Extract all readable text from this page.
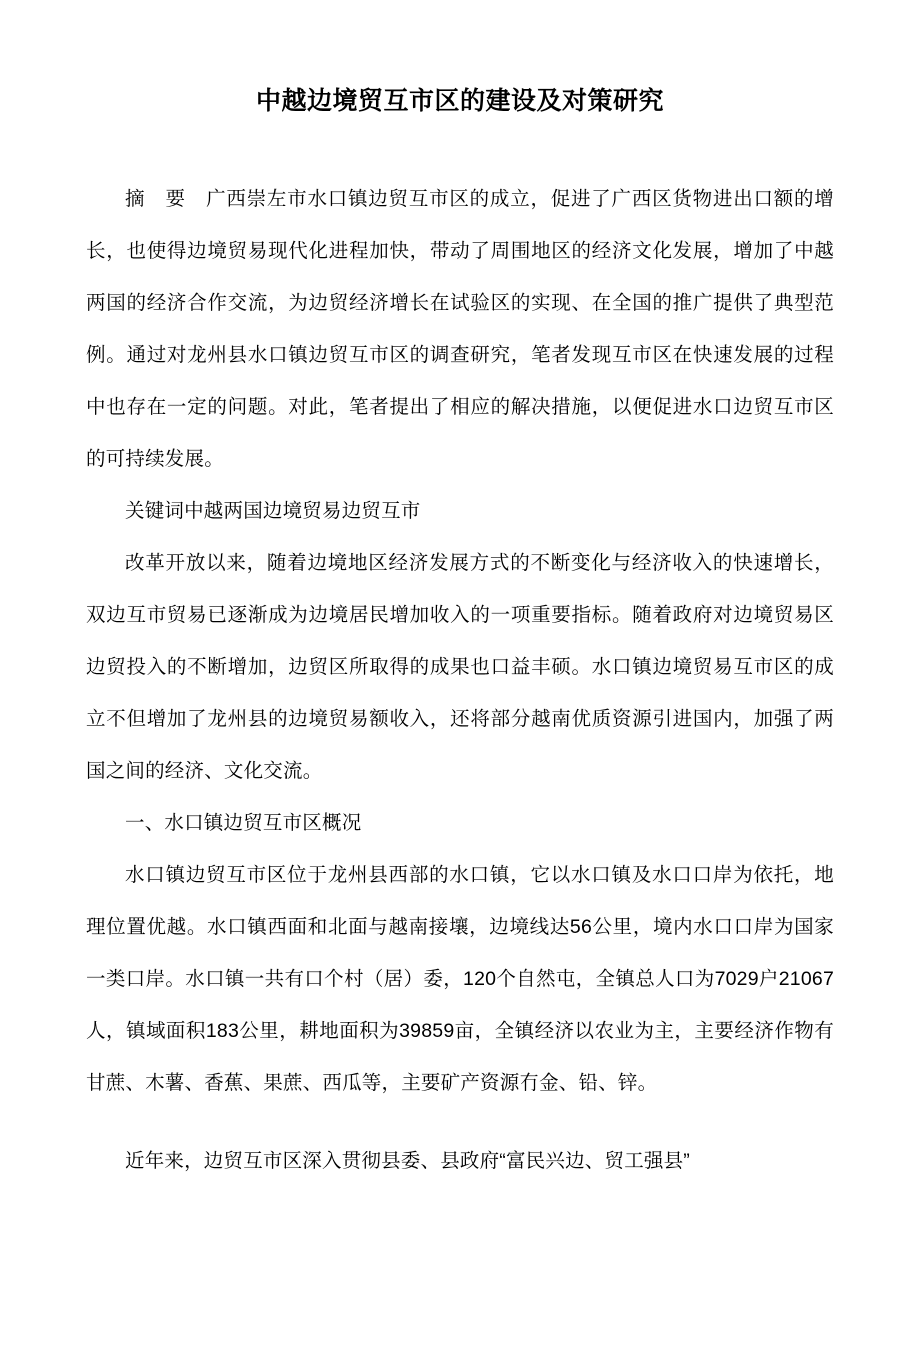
中越边境贸互市区的建设及对策研究

摘　要　广西崇左市水口镇边贸互市区的成立，促进了广西区货物进出口额的增长，也使得边境贸易现代化进程加快，带动了周围地区的经济文化发展，增加了中越两国的经济合作交流，为边贸经济增长在试验区的实现、在全国的推广提供了典型范例。通过对龙州县水口镇边贸互市区的调查研究，笔者发现互市区在快速发展的过程中也存在一定的问题。对此，笔者提出了相应的解决措施，以便促进水口边贸互市区的可持续发展。

关键词中越两国边境贸易边贸互市

改革开放以来，随着边境地区经济发展方式的不断变化与经济收入的快速增长，双边互市贸易已逐渐成为边境居民增加收入的一项重要指标。随着政府对边境贸易区边贸投入的不断增加，边贸区所取得的成果也口益丰硕。水口镇边境贸易互市区的成立不但增加了龙州县的边境贸易额收入，还将部分越南优质资源引进国内，加强了两国之间的经济、文化交流。

一、水口镇边贸互市区概况

水口镇边贸互市区位于龙州县西部的水口镇，它以水口镇及水口口岸为依托，地理位置优越。水口镇西面和北面与越南接壤，边境线达56公里，境内水口口岸为国家一类口岸。水口镇一共有口个村（居）委，120个自然屯，全镇总人口为7029户21067人，镇域面积183公里，耕地面积为39859亩，全镇经济以农业为主，主要经济作物有甘蔗、木薯、香蕉、果蔗、西瓜等，主要矿产资源冇金、铅、锌。

近年来，边贸互市区深入贯彻县委、县政府“富民兴边、贸工强县”
